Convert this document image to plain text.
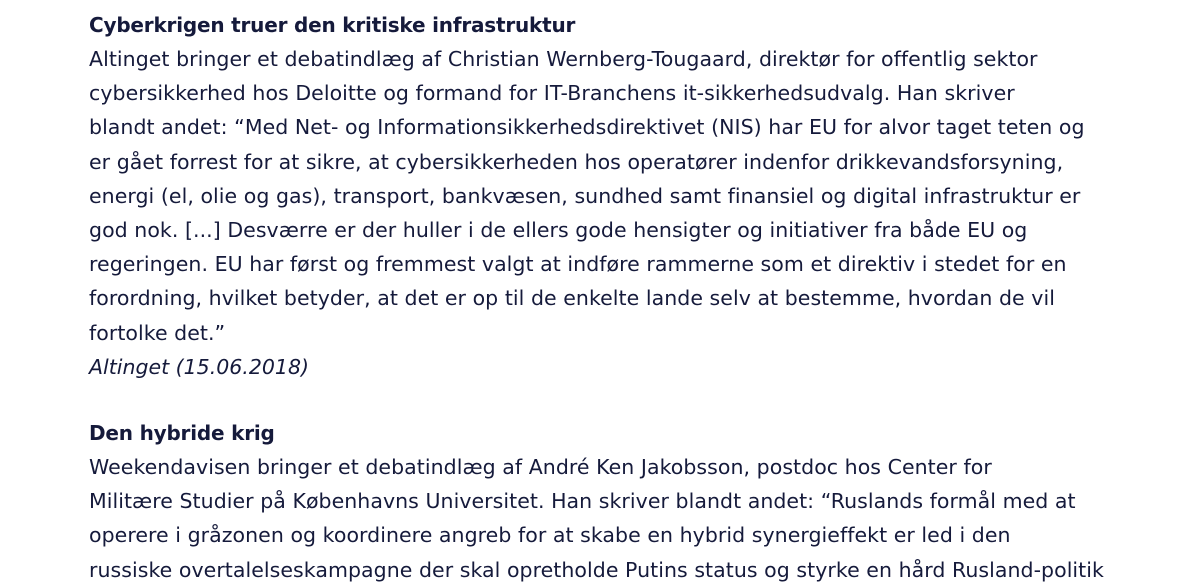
Cyberkrigen truer den kritiske infrastruktur

Altinget bringer et debatindlæg af Christian Wernberg-Tougaard, direktør for offentlig sektor
cybersikkerhed hos Deloitte og formand for IT-Branchens it-sikkerhedsudvalg. Han skriver
blandt andet: “Med Net- og Informationsikkerhedsdirektivet (NIS) har EU for alvor taget teten og
er gået forrest for at sikre, at cybersikkerheden hos operatører indenfor drikkevandsforsyning,
energi (el, olie og gas), transport, bankvæsen, sundhed samt finansiel og digital infrastruktur er
god nok. [...] Desværre er der huller i de ellers gode hensigter og initiativer fra både EU og
regeringen. EU har først og fremmest valgt at indføre rammerne som et direktiv i stedet for en
forordning, hvilket betyder, at det er op til de enkelte lande selv at bestemme, hvordan de vil
fortolke det.”

Altinget (15.06.2018)

Den hybride krig

Weekendavisen bringer et debatindlæg af André Ken Jakobsson, postdoc hos Center for
Militære Studier på Københavns Universitet. Han skriver blandt andet: “Ruslands formål med at
operere i gråzonen og koordinere angreb for at skabe en hybrid synergieffekt er led i den
russiske overtalelseskampagne der skal opretholde Putins status og styrke en hård Rusland-politik
